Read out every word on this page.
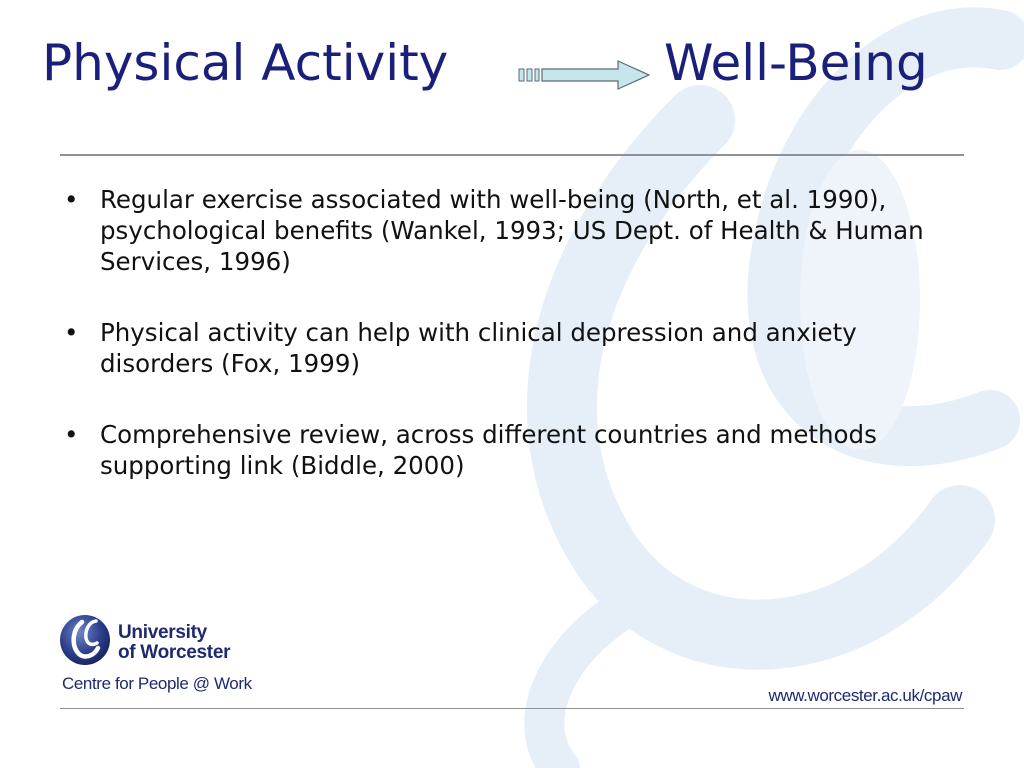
Physical Activity	Well-Being
• Regular exercise associated with well-being (North, et al. 1990), psychological benefits (Wankel, 1993; US Dept. of Health & Human Services, 1996)
• Physical activity can help with clinical depression and anxiety disorders (Fox, 1999)
• Comprehensive review, across different countries and methods supporting link (Biddle, 2000)
University
of Worcester
Centre for People @ Work
www.worcester.ac.uk/cpaw
